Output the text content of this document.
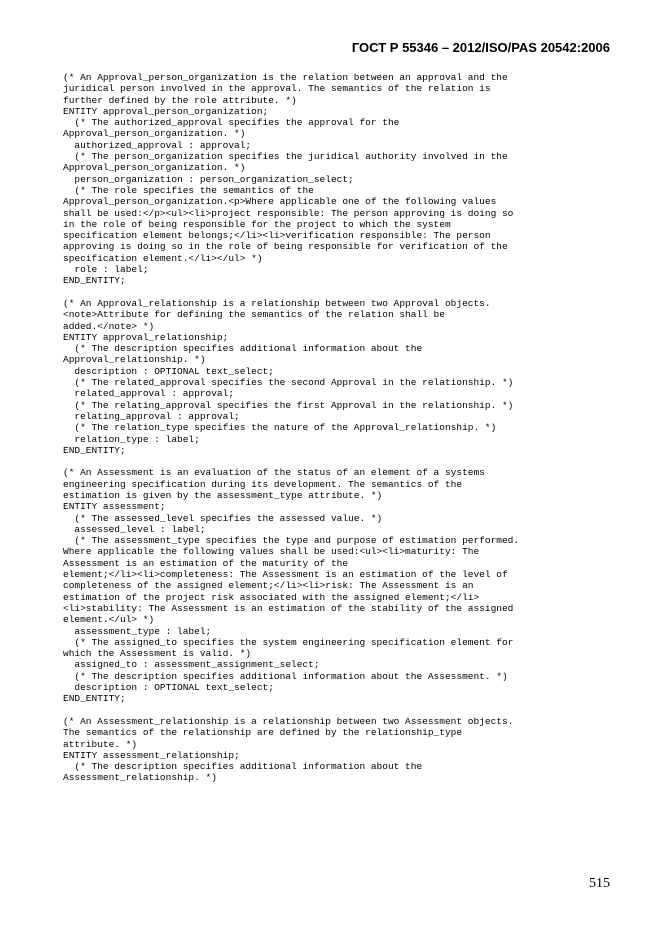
ГОСТ Р 55346 – 2012/ISO/PAS 20542:2006
(* An Approval_person_organization is the relation between an approval and the
juridical person involved in the approval. The semantics of the relation is
further defined by the role attribute. *)
ENTITY approval_person_organization;
(* The authorized_approval specifies the approval for the
Approval_person_organization. *)
authorized_approval : approval;
(* The person_organization specifies the juridical authority involved in the
Approval_person_organization. *)
person_organization : person_organization_select;
(* The role specifies the semantics of the
Approval_person_organization.<p>Where applicable one of the following values
shall be used:</p><ul><li>project responsible: The person approving is doing so
in the role of being responsible for the project to which the system
specification element belongs;</li><li>verification responsible: The person
approving is doing so in the role of being responsible for verification of the
specification element.</li></ul> *)
role : label;
END_ENTITY;
(* An Approval_relationship is a relationship between two Approval objects.
<note>Attribute for defining the semantics of the relation shall be
added.</note> *)
ENTITY approval_relationship;
(* The description specifies additional information about the
Approval_relationship. *)
description : OPTIONAL text_select;
(* The related_approval specifies the second Approval in the relationship. *)
related_approval : approval;
(* The relating_approval specifies the first Approval in the relationship. *)
relating_approval : approval;
(* The relation_type specifies the nature of the Approval_relationship. *)
relation_type : label;
END_ENTITY;
(* An Assessment is an evaluation of the status of an element of a systems
engineering specification during its development. The semantics of the
estimation is given by the assessment_type attribute. *)
ENTITY assessment;
(* The assessed_level specifies the assessed value. *)
assessed_level : label;
(* The assessment_type specifies the type and purpose of estimation performed.
Where applicable the following values shall be used:<ul><li>maturity: The
Assessment is an estimation of the maturity of the
element;</li><li>completeness: The Assessment is an estimation of the level of
completeness of the assigned element;</li><li>risk: The Assessment is an
estimation of the project risk associated with the assigned element;</li>
<li>stability: The Assessment is an estimation of the stability of the assigned
element.</ul> *)
assessment_type : label;
(* The assigned_to specifies the system engineering specification element for
which the Assessment is valid. *)
assigned_to : assessment_assignment_select;
(* The description specifies additional information about the Assessment. *)
description : OPTIONAL text_select;
END_ENTITY;
(* An Assessment_relationship is a relationship between two Assessment objects.
The semantics of the relationship are defined by the relationship_type
attribute. *)
ENTITY assessment_relationship;
(* The description specifies additional information about the
Assessment_relationship. *)
515
